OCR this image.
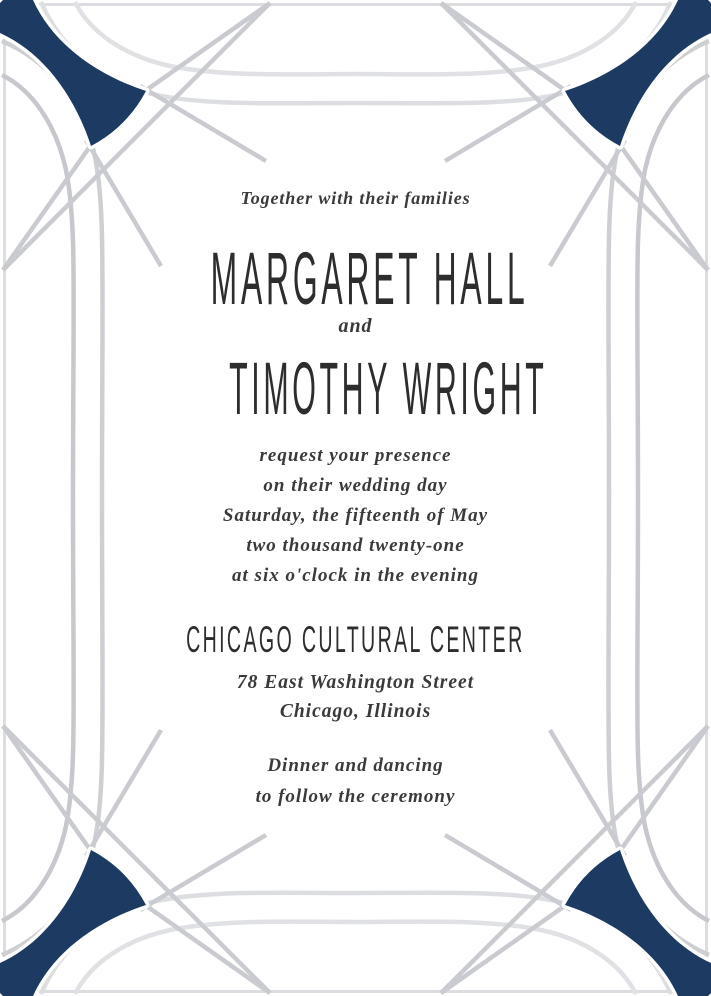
Together with their families
MARGARET HALL
and
TIMOTHY WRIGHT
request your presence
on their wedding day
Saturday, the fifteenth of May
two thousand twenty-one
at six o'clock in the evening
CHICAGO CULTURAL CENTER
78 East Washington Street
Chicago, Illinois
Dinner and dancing
to follow the ceremony
